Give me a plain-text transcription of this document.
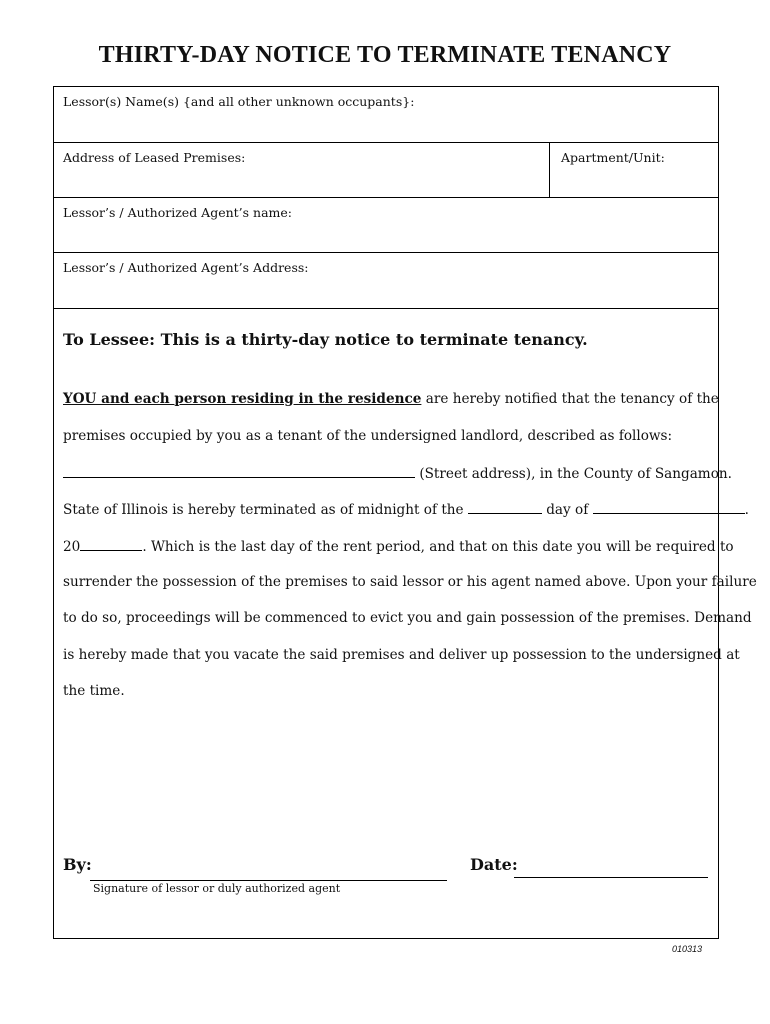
THIRTY-DAY NOTICE TO TERMINATE TENANCY
Lessor(s) Name(s) {and all other unknown occupants}:
Address of Leased Premises:	Apartment/Unit:
Lessor’s / Authorized Agent’s name:
Lessor’s / Authorized Agent’s Address:
To Lessee: This is a thirty-day notice to terminate tenancy.
YOU and each person residing in the residence are hereby notified that the tenancy of the
premises occupied by you as a tenant of the undersigned landlord, described as follows:
(Street address), in the County of Sangamon.
State of Illinois is hereby terminated as of midnight of the	day of	.
20	. Which is the last day of the rent period, and that on this date you will be required to
surrender the possession of the premises to said lessor or his agent named above. Upon your failure
to do so, proceedings will be commenced to evict you and gain possession of the premises. Demand
is hereby made that you vacate the said premises and deliver up possession to the undersigned at
the time.
By:
Signature of lessor or duly authorized agent
Date:
010313
